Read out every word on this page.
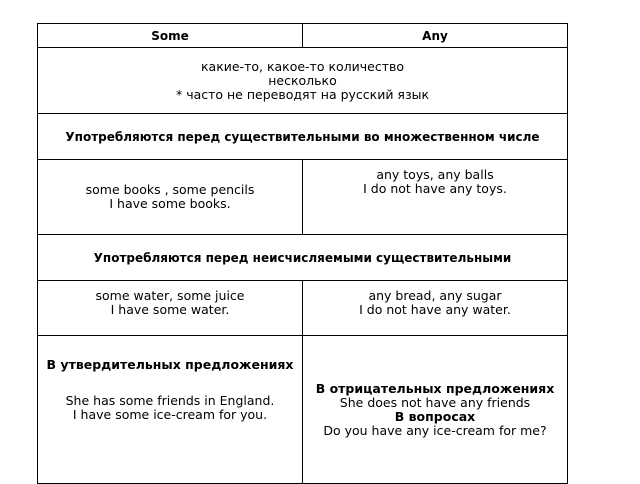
Some	Any

какие-то, какое-то количество
несколько
* часто не переводят на русский язык	

Употребляются перед существительными во множественном числе	

some books , some pencils
I have some books.	any toys, any balls
I do not have any toys.

Употребляются перед неисчисляемыми существительными	

some water, some juice
I have some water.	any bread, any sugar
I do not have any water.

В утвердительных предложениях
She has some friends in England.
I have some ice-cream for you.	В отрицательных предложениях
She does not have any friends
В вопросах
Do you have any ice-cream for me?
